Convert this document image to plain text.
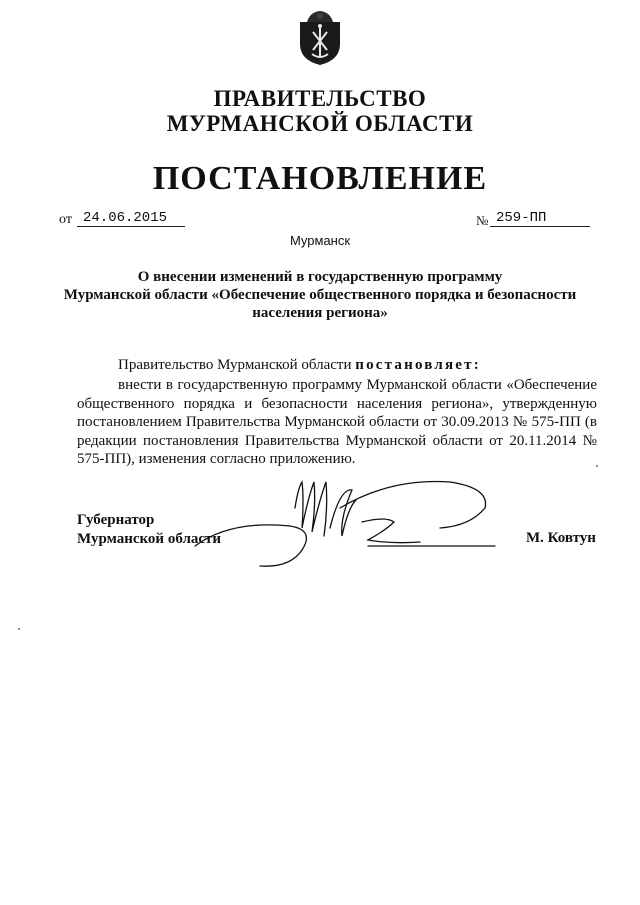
ПРАВИТЕЛЬСТВО
МУРМАНСКОЙ ОБЛАСТИ
ПОСТАНОВЛЕНИЕ
от 24.06.2015	№ 259-ПП
Мурманск
О внесении изменений в государственную программу
Мурманской области «Обеспечение общественного порядка и безопасности
населения региона»
Правительство Мурманской области постановляет:
внести в государственную программу Мурманской области «Обеспечение общественного порядка и безопасности населения региона», утвержденную постановлением Правительства Мурманской области от 30.09.2013 № 575-ПП (в редакции постановления Правительства Мурманской области от 20.11.2014 № 575-ПП), изменения согласно приложению.
Губернатор
Мурманской области	М. Ковтун
